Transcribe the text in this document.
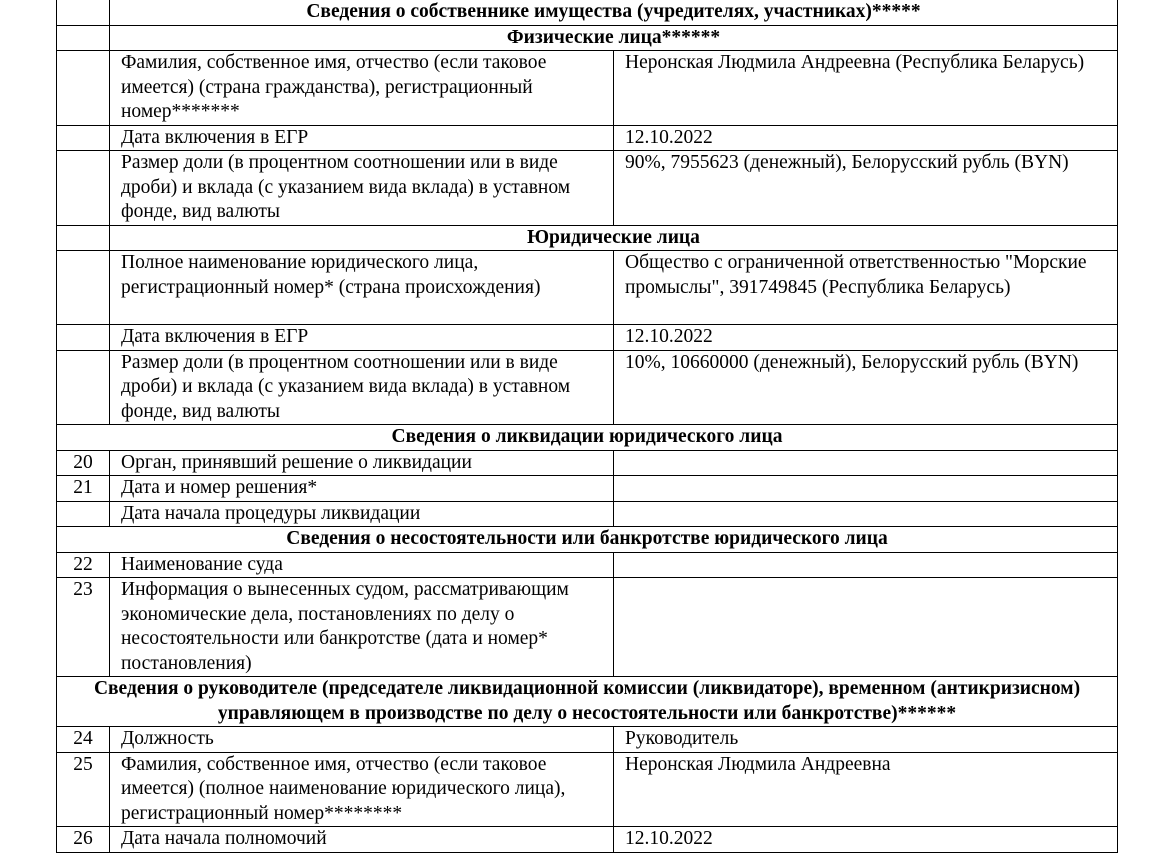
	Сведения о собственнике имущества (учредителях, участниках)*****	
	Физические лица******	
	Фамилия, собственное имя, отчество (если таковое имеется) (страна гражданства), регистрационный номер*******	Неронская Людмила Андреевна (Республика Беларусь)
	Дата включения в ЕГР	12.10.2022
	Размер доли (в процентном соотношении или в виде дроби) и вклада (с указанием вида вклада) в уставном фонде, вид валюты	90%, 7955623 (денежный), Белорусский рубль (BYN)
	Юридические лица	
	Полное наименование юридического лица, регистрационный номер* (страна происхождения)	Общество с ограниченной ответственностью "Морские промыслы", 391749845 (Республика Беларусь)
	Дата включения в ЕГР	12.10.2022
	Размер доли (в процентном соотношении или в виде дроби) и вклада (с указанием вида вклада) в уставном фонде, вид валюты	10%, 10660000 (денежный), Белорусский рубль (BYN)
Сведения о ликвидации юридического лица		
20	Орган, принявший решение о ликвидации	
21	Дата и номер решения*	
	Дата начала процедуры ликвидации	
Сведения о несостоятельности или банкротстве юридического лица		
22	Наименование суда	
23	Информация о вынесенных судом, рассматривающим экономические дела, постановлениях по делу о несостоятельности или банкротстве (дата и номер* постановления)	
Сведения о руководителе (председателе ликвидационной комиссии (ликвидаторе), временном (антикризисном) управляющем в производстве по делу о несостоятельности или банкротстве)******		
24	Должность	Руководитель
25	Фамилия, собственное имя, отчество (если таковое имеется) (полное наименование юридического лица), регистрационный номер********	Неронская Людмила Андреевна
26	Дата начала полномочий	12.10.2022
